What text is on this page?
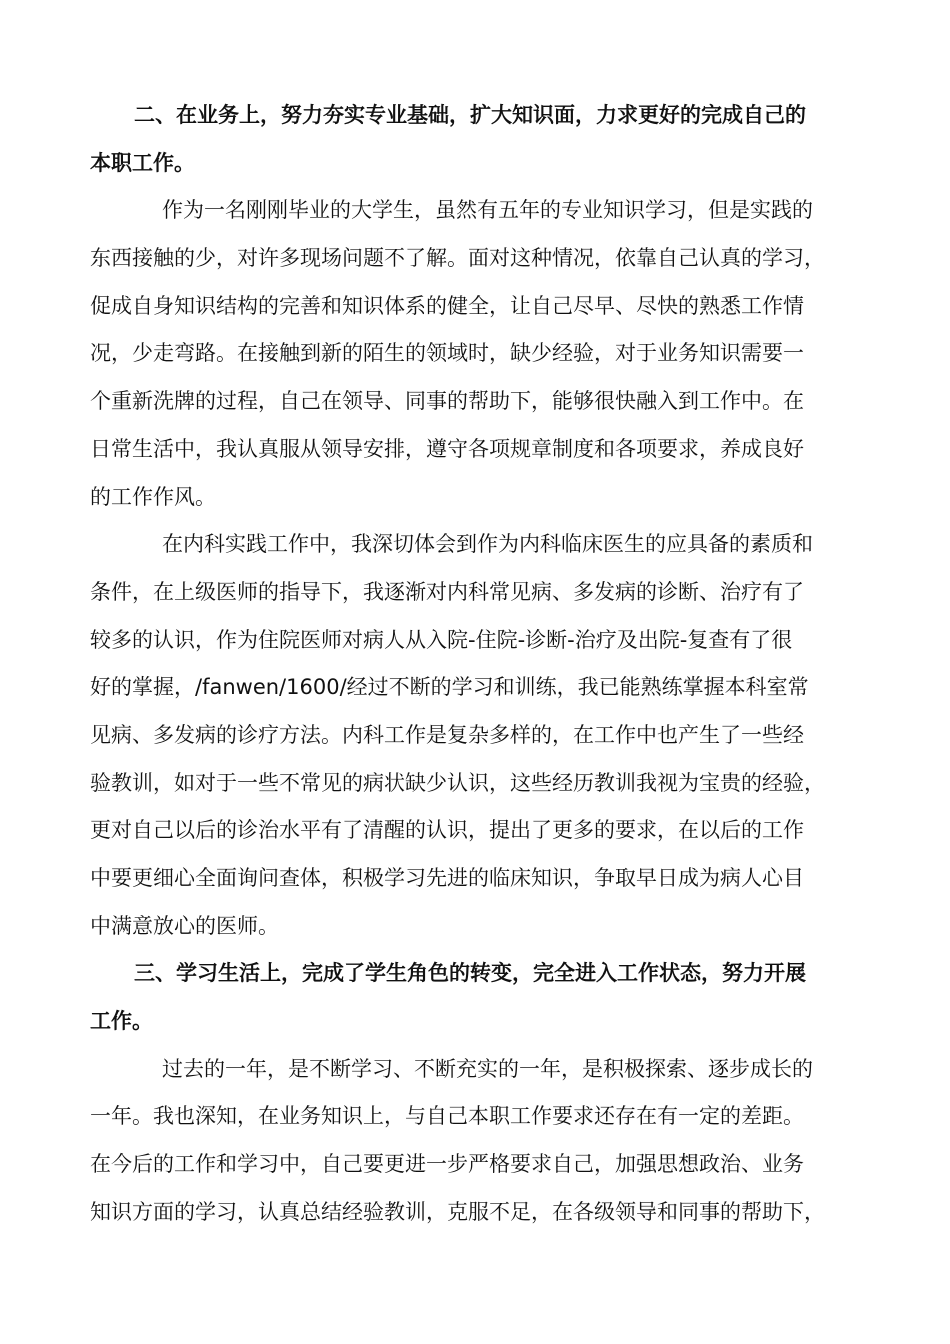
二、在业务上，努力夯实专业基础，扩大知识面，力求更好的完成自己的
本职工作。
作为一名刚刚毕业的大学生，虽然有五年的专业知识学习，但是实践的
东西接触的少，对许多现场问题不了解。面对这种情况，依靠自己认真的学习，
促成自身知识结构的完善和知识体系的健全，让自己尽早、尽快的熟悉工作情
况，少走弯路。在接触到新的陌生的领域时，缺少经验，对于业务知识需要一
个重新洗牌的过程，自己在领导、同事的帮助下，能够很快融入到工作中。在
日常生活中，我认真服从领导安排，遵守各项规章制度和各项要求，养成良好
的工作作风。
在内科实践工作中，我深切体会到作为内科临床医生的应具备的素质和
条件，在上级医师的指导下，我逐渐对内科常见病、多发病的诊断、治疗有了
较多的认识，作为住院医师对病人从入院-住院-诊断-治疗及出院-复查有了很
好的掌握，/fanwen/1600/经过不断的学习和训练，我已能熟练掌握本科室常
见病、多发病的诊疗方法。内科工作是复杂多样的，在工作中也产生了一些经
验教训，如对于一些不常见的病状缺少认识，这些经历教训我视为宝贵的经验，
更对自己以后的诊治水平有了清醒的认识，提出了更多的要求，在以后的工作
中要更细心全面询问查体，积极学习先进的临床知识，争取早日成为病人心目
中满意放心的医师。
三、学习生活上，完成了学生角色的转变，完全进入工作状态，努力开展
工作。
过去的一年，是不断学习、不断充实的一年，是积极探索、逐步成长的
一年。我也深知，在业务知识上，与自己本职工作要求还存在有一定的差距。
在今后的工作和学习中，自己要更进一步严格要求自己，加强思想政治、业务
知识方面的学习，认真总结经验教训，克服不足，在各级领导和同事的帮助下，
